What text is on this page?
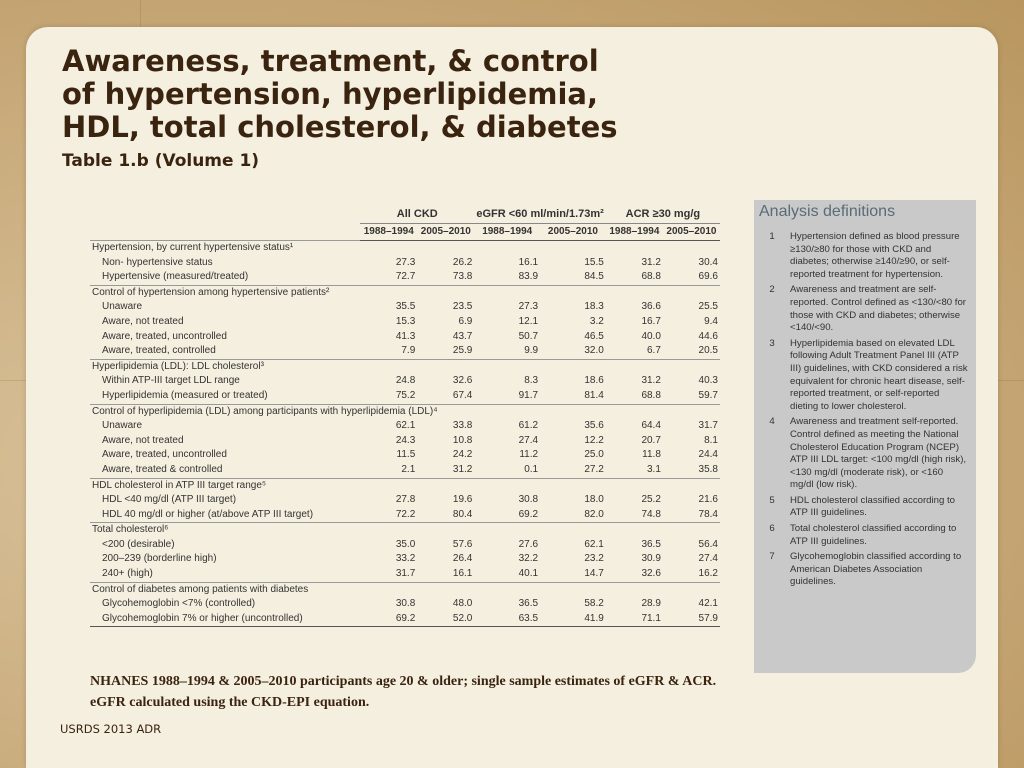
Awareness, treatment, & control
of hypertension, hyperlipidemia,
HDL, total cholesterol, & diabetes
Table 1.b (Volume 1)
	All CKD		eGFR <60 ml/min/1.73m²		ACR ≥30 mg/g	
	1988–1994	2005–2010	1988–1994	2005–2010	1988–1994	2005–2010
Hypertension, by current hypertensive status¹						
Non- hypertensive status	27.3	26.2	16.1	15.5	31.2	30.4
Hypertensive (measured/treated)	72.7	73.8	83.9	84.5	68.8	69.6
Control of hypertension among hypertensive patients²						
Unaware	35.5	23.5	27.3	18.3	36.6	25.5
Aware, not treated	15.3	6.9	12.1	3.2	16.7	9.4
Aware, treated, uncontrolled	41.3	43.7	50.7	46.5	40.0	44.6
Aware, treated, controlled	7.9	25.9	9.9	32.0	6.7	20.5
Hyperlipidemia (LDL): LDL cholesterol³						
Within ATP-III target LDL range	24.8	32.6	8.3	18.6	31.2	40.3
Hyperlipidemia (measured or treated)	75.2	67.4	91.7	81.4	68.8	59.7
Control of hyperlipidemia (LDL) among participants with hyperlipidemia (LDL)⁴						
Unaware	62.1	33.8	61.2	35.6	64.4	31.7
Aware, not treated	24.3	10.8	27.4	12.2	20.7	8.1
Aware, treated, uncontrolled	11.5	24.2	11.2	25.0	11.8	24.4
Aware, treated & controlled	2.1	31.2	0.1	27.2	3.1	35.8
HDL cholesterol in ATP III target range⁵						
HDL <40 mg/dl (ATP III target)	27.8	19.6	30.8	18.0	25.2	21.6
HDL 40 mg/dl or higher (at/above ATP III target)	72.2	80.4	69.2	82.0	74.8	78.4
Total cholesterol⁶						
<200 (desirable)	35.0	57.6	27.6	62.1	36.5	56.4
200–239 (borderline high)	33.2	26.4	32.2	23.2	30.9	27.4
240+ (high)	31.7	16.1	40.1	14.7	32.6	16.2
Control of diabetes among patients with diabetes						
Glycohemoglobin <7% (controlled)	30.8	48.0	36.5	58.2	28.9	42.1
Glycohemoglobin 7% or higher (uncontrolled)	69.2	52.0	63.5	41.9	71.1	57.9
Analysis definitions
1	Hypertension defined as blood pressure ≥130/≥80 for those with CKD and diabetes; otherwise ≥140/≥90, or self-reported treatment for hypertension.
2	Awareness and treatment are self-reported. Control defined as <130/<80 for those with CKD and diabetes; otherwise <140/<90.
3	Hyperlipidemia based on elevated LDL following Adult Treatment Panel III (ATP III) guidelines, with CKD considered a risk equivalent for chronic heart disease, self-reported treatment, or self-reported dieting to lower cholesterol.
4	Awareness and treatment self-reported. Control defined as meeting the National Cholesterol Education Program (NCEP) ATP III LDL target: <100 mg/dl (high risk), <130 mg/dl (moderate risk), or <160 mg/dl (low risk).
5	HDL cholesterol classified according to ATP III guidelines.
6	Total cholesterol classified according to ATP III guidelines.
7	Glycohemoglobin classified according to American Diabetes Association guidelines.
NHANES 1988–1994 & 2005–2010 participants age 20 & older; single sample estimates of eGFR & ACR.
eGFR calculated using the CKD-EPI equation.
USRDS 2013 ADR
